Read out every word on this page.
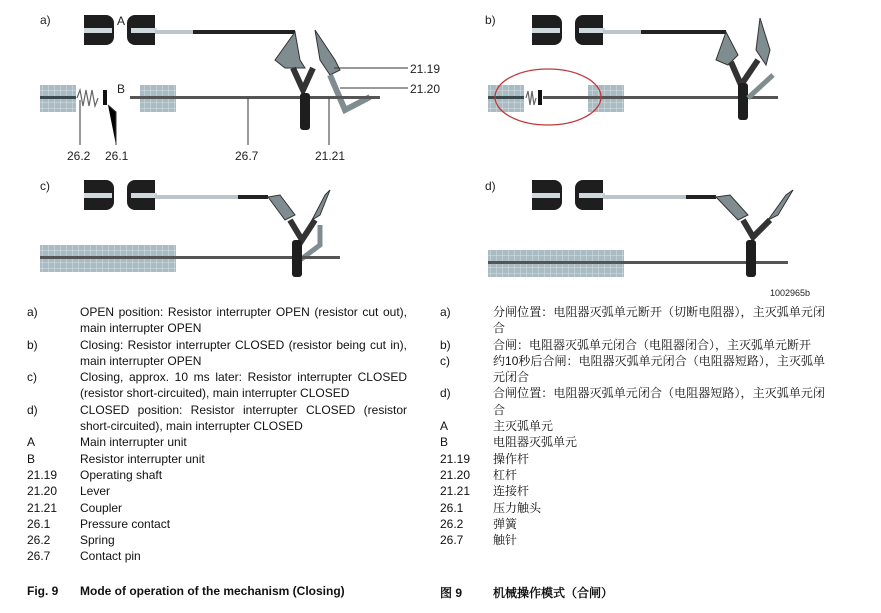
a)	A
B
21.19
21.20
26.2 26.1	26.7	21.21
b)
c)	d)
1002965b
a)	OPEN position: Resistor interrupter OPEN (resistor cut out), main interrupter OPEN
b)	Closing: Resistor interrupter CLOSED (resistor being cut in), main interrupter OPEN
c)	Closing, approx. 10 ms later: Resistor interrupter CLOSED (resistor short-circuited), main interrupter CLOSED
d)	CLOSED position: Resistor interrupter CLOSED (resistor short-circuited), main interrupter CLOSED
A	Main interrupter unit
B	Resistor interrupter unit
21.19	Operating shaft
21.20	Lever
21.21	Coupler
26.1	Pressure contact
26.2	Spring
26.7	Contact pin
a)	分闸位置：电阻器灭弧单元断开（切断电阻器），主灭弧单元闭合
b)	合闸：电阻器灭弧单元闭合（电阻器闭合），主灭弧单元断开
c)	约10秒后合闸：电阻器灭弧单元闭合（电阻器短路），主灭弧单元闭合
d)	合闸位置：电阻器灭弧单元闭合（电阻器短路），主灭弧单元闭合
A	主灭弧单元
B	电阻器灭弧单元
21.19	操作杆
21.20	杠杆
21.21	连接杆
26.1	压力触头
26.2	弹簧
26.7	触针
Fig. 9	Mode of operation of the mechanism (Closing)	图 9	机械操作模式（合闸）
